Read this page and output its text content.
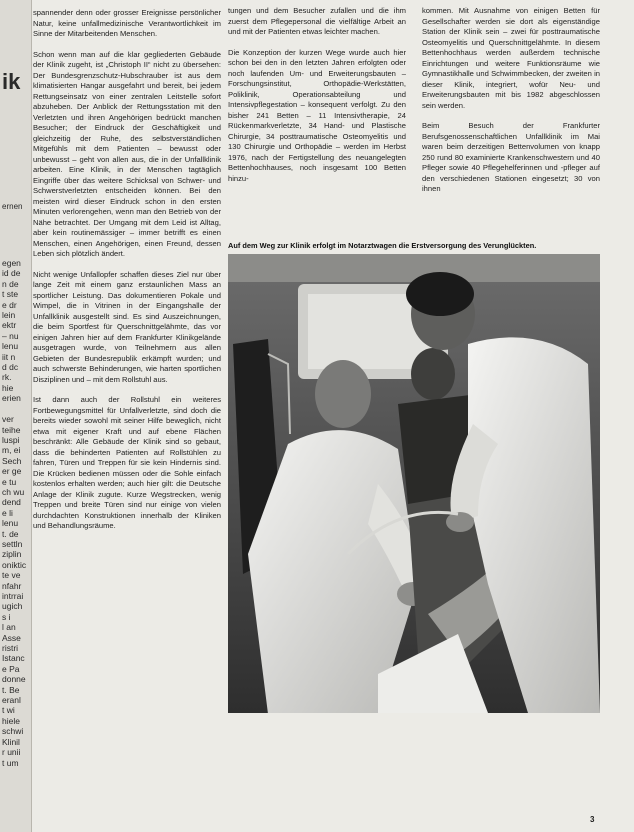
ik
ernen
egen
id de
n de
t ste
e dr
lein
ektr
– nu
lenu
iit n
d dc
rk.
hie
erien

ver
teihe
luspi
m, ei
Sech
er ge
e tu
ch wu
dend
e li
lenu
t. de
settln
ziplin
oniktic
te ve
nfahr
intrrai
ugich
s i
l an
Asse
ristri
Istanc
e Pa
donne
t. Be
eranl
t wi
hiele
schwi
Klinil
r unii
t um

spannender denn oder grosser Ereignisse persönlicher Natur, keine unfallmedizinische Verantwortlichkeit im Sinne der Mitarbeitenden Menschen.

Schon wenn man auf die klar gegliederten Gebäude der Klinik zugeht, ist „Christoph II“ nicht zu übersehen: Der Bundesgrenzschutz-Hubschrauber ist aus dem klimatisierten Hangar ausgefahrt und bereit, bei jedem Rettungseinsatz von einer zentralen Leitstelle sofort abzuheben. Der Anblick der Rettungsstation mit den Verletzten und ihren Angehörigen bedrückt manchen Besucher; der Eindruck der Geschäftigkeit und gleichzeitig der Ruhe, des selbstverständlichen Mitgefühls mit dem Patienten – bewusst oder unbewusst – geht von allen aus, die in der Unfallklinik arbeiten. Eine Klinik, in der Menschen tagtäglich Eingriffe über das weitere Schicksal von Schwer- und Schwerstverletzten entscheiden können. Bei den meisten wird dieser Eindruck schon in den ersten Minuten verlorengehen, wenn man den Betrieb von der Nähe betrachtet. Der Umgang mit dem Leid ist Alltag, aber kein routinemässiger – immer betrifft es einen Menschen, einen Angehörigen, einen Freund, dessen Leben sich plötzlich ändert.

Nicht wenige Unfallopfer schaffen dieses Ziel nur über lange Zeit mit einem ganz erstaunlichen Mass an sportlicher Leistung. Das dokumentieren Pokale und Wimpel, die in Vitrinen in der Eingangshalle der Unfallklinik ausgestellt sind. Es sind Auszeichnungen, die beim Sportfest für Querschnittgelähmte, das vor einigen Jahren hier auf dem Frankfurter Klinikgelände ausgetragen wurde, von Teilnehmern aus allen Gebieten der Bundesrepublik erkämpft wurden; und auch schwerste Behinderungen, wie harten sportlichen Disziplinen und – mit dem Rollstuhl aus.

Ist dann auch der Rollstuhl ein weiteres Fortbewegungsmittel für Unfallverletzte, sind doch die bereits wieder sowohl mit seiner Hilfe beweglich, nicht etwa mit eigener Kraft und auf ebene Flächen beschränkt: Alle Gebäude der Klinik sind so gebaut, dass die behinderten Patienten auf Rollstühlen zu fahren, Türen und Treppen für sie kein Hindernis sind. Die Krücken bedienen müssen oder die Sohle einfach kostenlos erhalten werden; auch hier gilt: die Deutsche Anlage der Klinik zugute. Kurze Wegstrecken, wenig Treppen und breite Türen sind nur einige von vielen durchdachten Konstruktionen innerhalb der Kliniken und Behandlungsräume.

tungen und dem Besucher zufallen und die ihm zuerst dem Pflegepersonal die vielfältige Arbeit an und mit der Patienten etwas leichter machen.

Die Konzeption der kurzen Wege wurde auch hier schon bei den in den letzten Jahren erfolgten oder noch laufenden Um- und Erweiterungsbauten – Forschungsinstitut, Orthopädie-Werkstätten, Poliklinik, Operationsabteilung und Intensivpflegestation – konsequent verfolgt. Zu den bisher 241 Betten – 11 Intensivtherapie, 24 Rückenmarkverletzte, 34 Hand- und Plastische Chirurgie, 34 posttraumatische Osteomyelitis und 130 Chirurgie und Orthopädie – werden im Herbst 1976, nach der Fertigstellung des neuangelegten Bettenhochhauses, noch insgesamt 100 Betten hinzu-

kommen. Mit Ausnahme von einigen Betten für Gesellschafter werden sie dort als eigenständige Station der Klinik sein – zwei für posttraumatische Osteomyelitis und Querschnittgelähmte. In diesem Bettenhochhaus werden außerdem technische Einrichtungen und weitere Funktionsräume wie Gymnastikhalle und Schwimmbecken, der zweiten in dieser Klinik, integriert, wofür Neu- und Erweiterungsbauten mit bis 1982 abgeschlossen sein werden.

Beim Besuch der Frankfurter Berufsgenossenschaftlichen Unfallklinik im Mai waren beim derzeitigen Bettenvolumen von knapp 250 rund 80 examinierte Krankenschwestern und 40 Pfleger sowie 40 Pflegehelferinnen und -pfleger auf den verschiedenen Stationen eingesetzt; 30 von ihnen

Auf dem Weg zur Klinik erfolgt im Notarztwagen die Erstversorgung des Verunglückten.
3
